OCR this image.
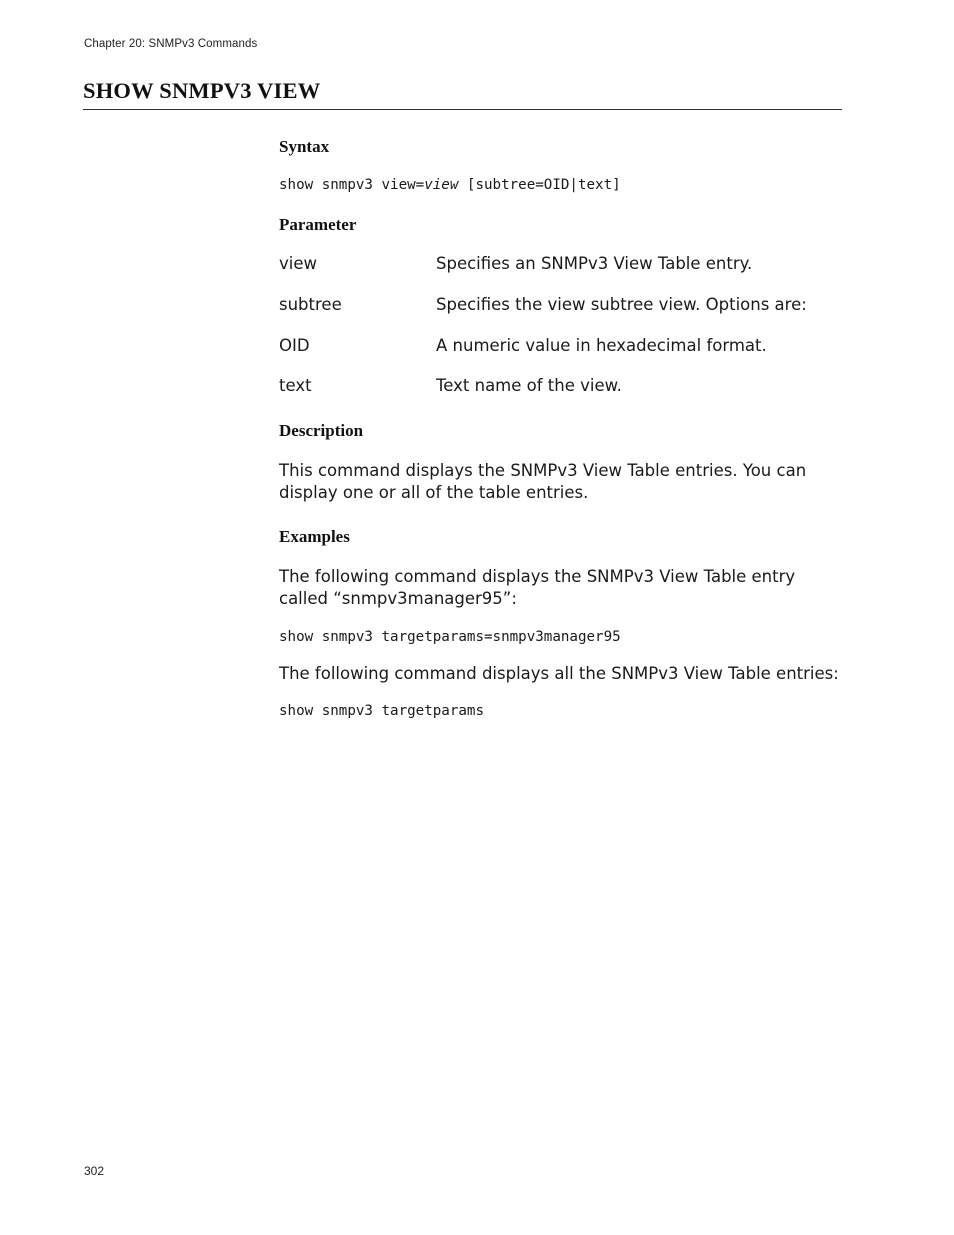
Chapter 20: SNMPv3 Commands
SHOW SNMPV3 VIEW
Syntax
show snmpv3 view=view [subtree=OID|text]
Parameter
view	Specifies an SNMPv3 View Table entry.
subtree	Specifies the view subtree view. Options are:
OID	A numeric value in hexadecimal format.
text	Text name of the view.
Description

This command displays the SNMPv3 View Table entries. You can display one or all of the table entries.

Examples

The following command displays the SNMPv3 View Table entry called “snmpv3manager95”:

show snmpv3 targetparams=snmpv3manager95

The following command displays all the SNMPv3 View Table entries:

show snmpv3 targetparams
302
